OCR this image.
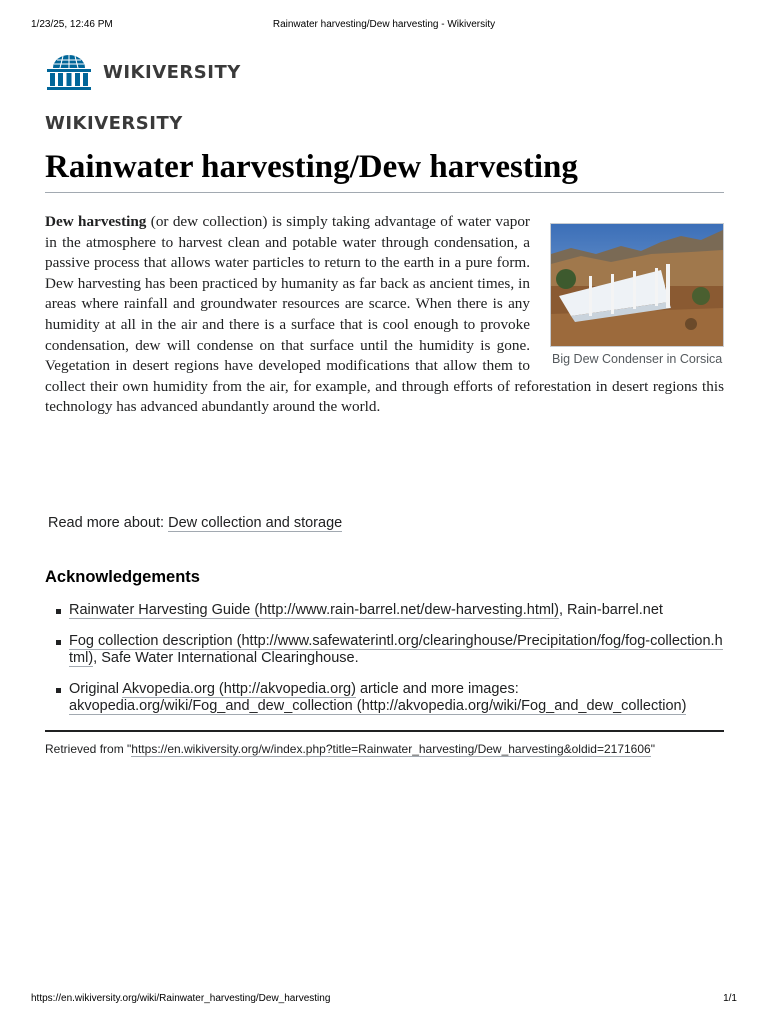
1/23/25, 12:46 PM	Rainwater harvesting/Dew harvesting - Wikiversity
WIKIVERSITY
WIKIVERSITY
Rainwater harvesting/Dew harvesting
Big Dew Condenser in Corsica

Dew harvesting (or dew collection) is simply taking advantage of water vapor in the atmosphere to harvest clean and potable water through condensation, a passive process that allows water particles to return to the earth in a pure form. Dew harvesting has been practiced by humanity as far back as ancient times, in areas where rainfall and groundwater resources are scarce. When there is any humidity at all in the air and there is a surface that is cool enough to provoke condensation, dew will condense on that surface until the humidity is gone. Vegetation in desert regions have developed modifications that allow them to collect their own humidity from the air, for example, and through efforts of reforestation in desert regions this technology has advanced abundantly around the world.

Read more about: Dew collection and storage
Acknowledgements
Rainwater Harvesting Guide (http://www.rain-barrel.net/dew-harvesting.html), Rain-barrel.net
Fog collection description (http://www.safewaterintl.org/clearinghouse/Precipitation/fog/fog-collection.html), Safe Water International Clearinghouse.
Original Akvopedia.org (http://akvopedia.org) article and more images: akvopedia.org/wiki/Fog_and_dew_collection (http://akvopedia.org/wiki/Fog_and_dew_collection)
Retrieved from "https://en.wikiversity.org/w/index.php?title=Rainwater_harvesting/Dew_harvesting&oldid=2171606"
https://en.wikiversity.org/wiki/Rainwater_harvesting/Dew_harvesting	1/1
